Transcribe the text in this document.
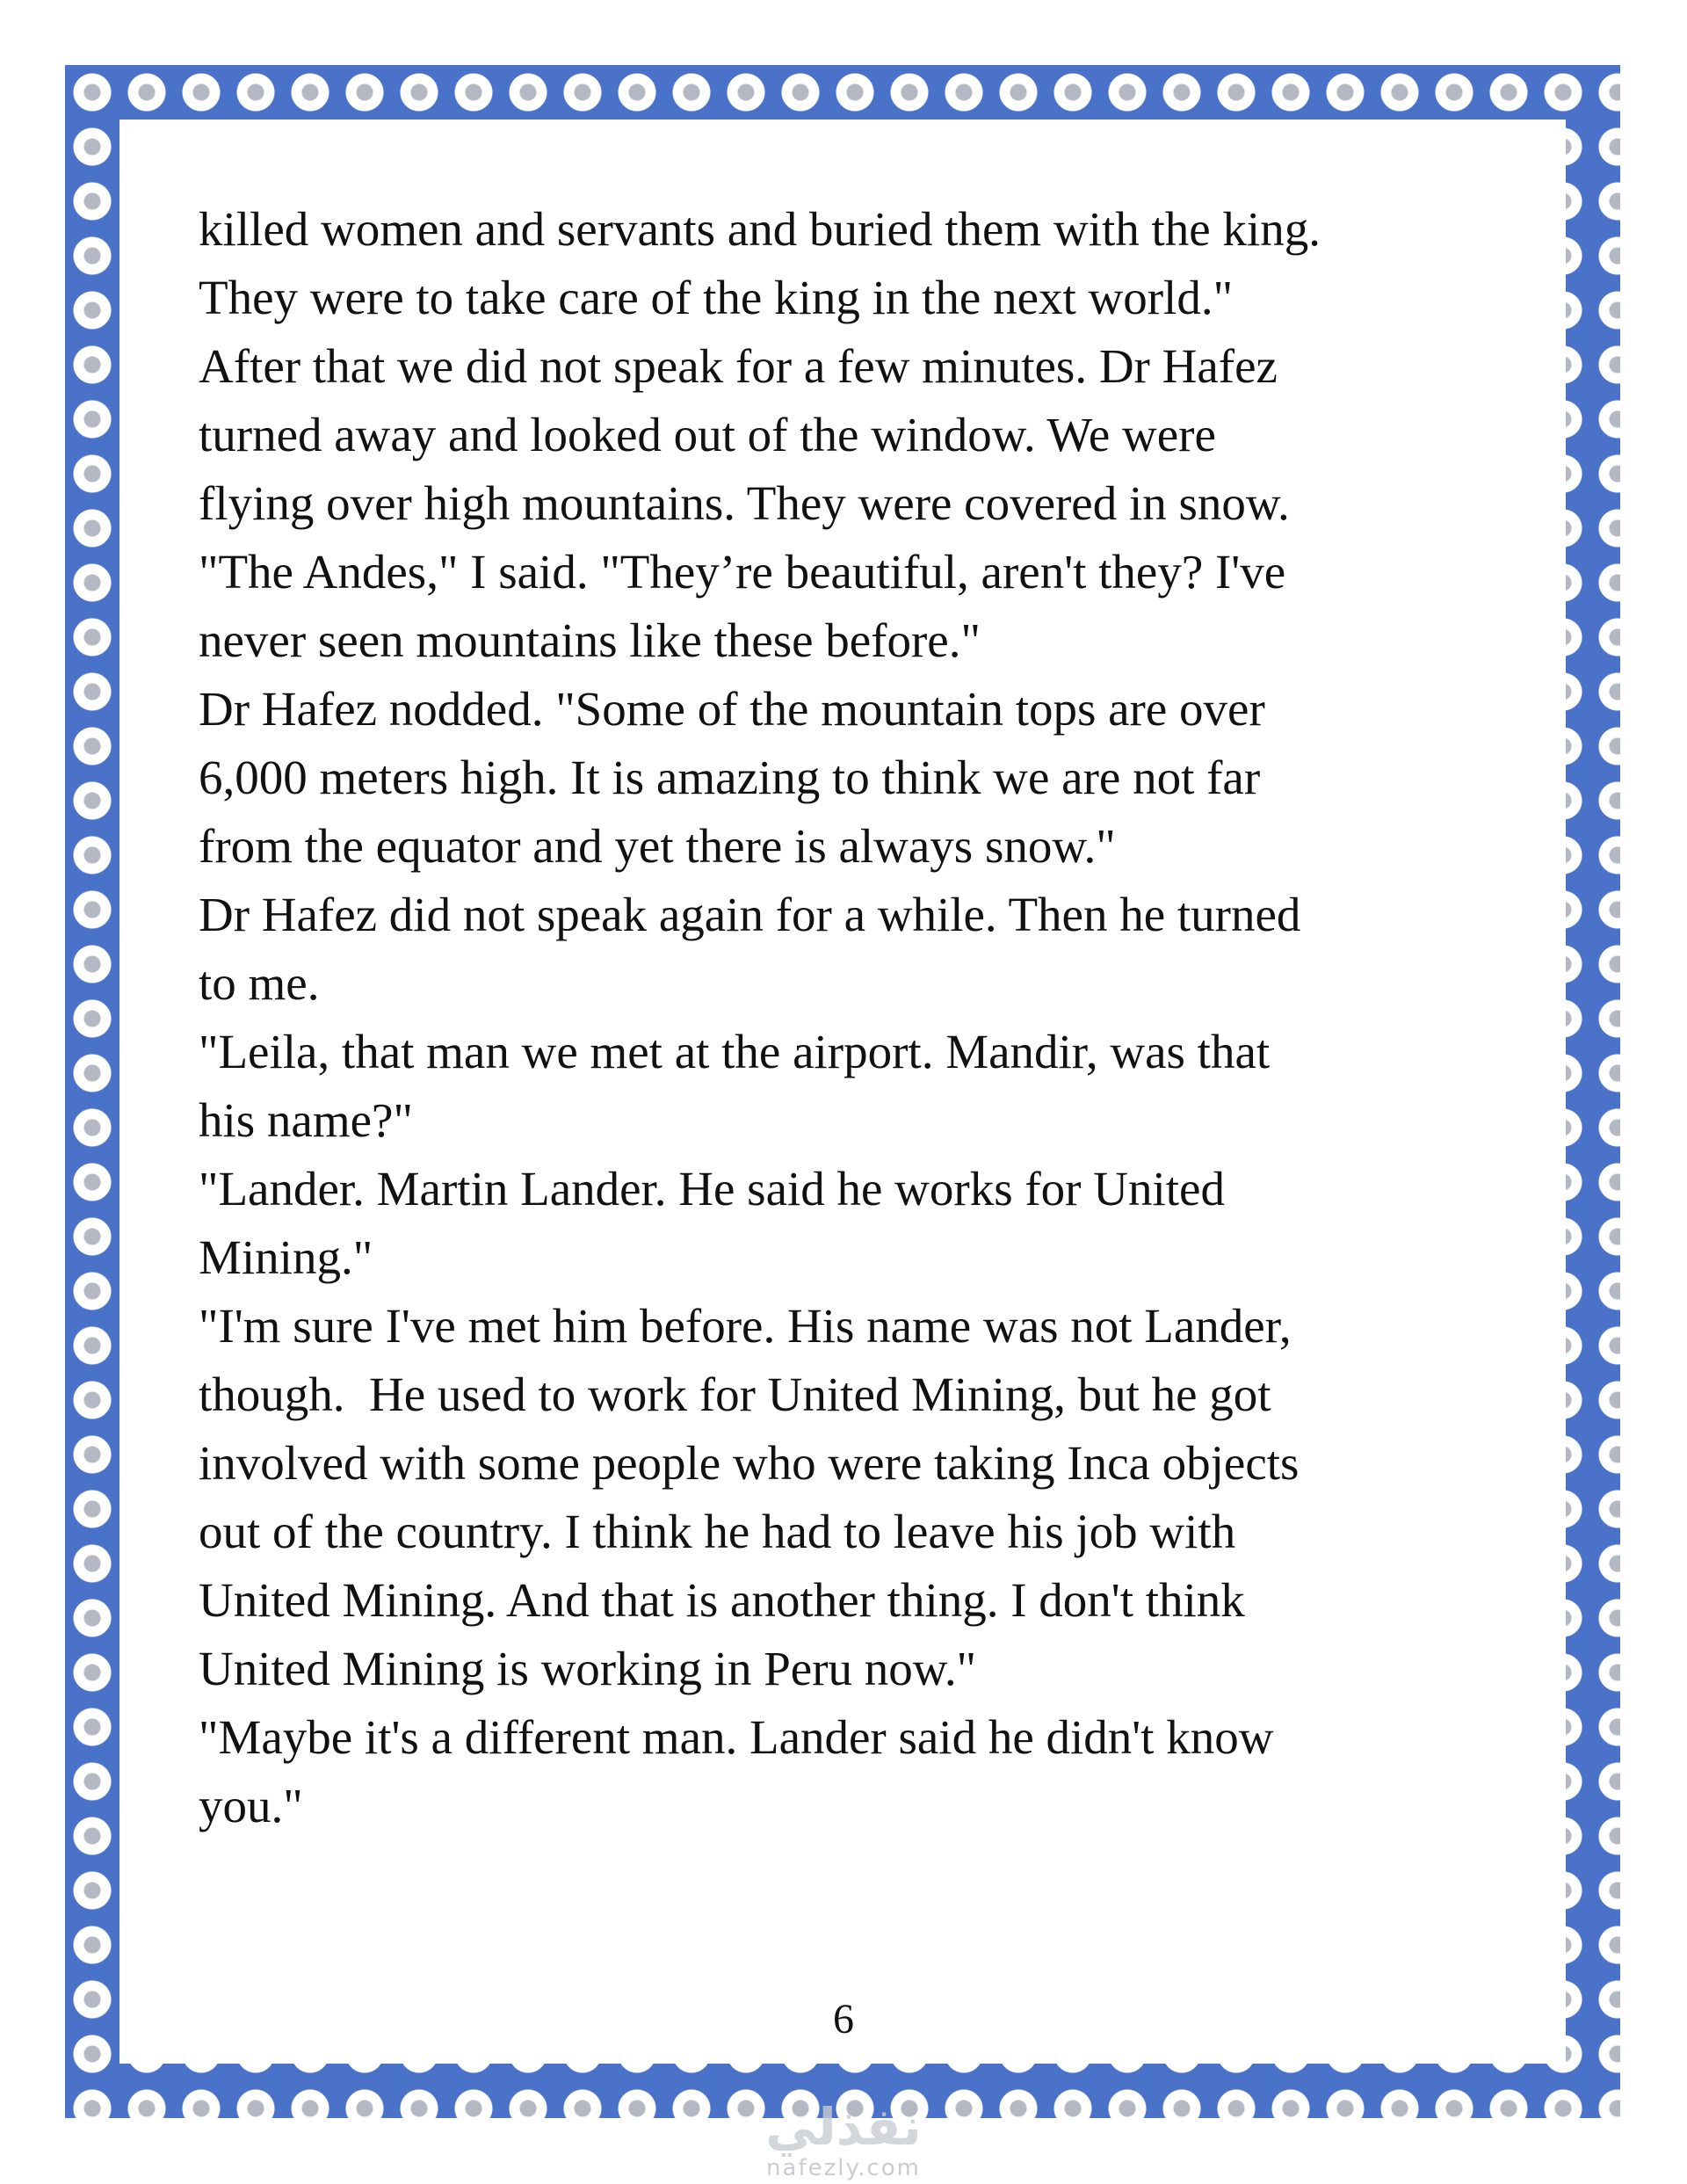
killed women and servants and buried them with the king.
They were to take care of the king in the next world."
After that we did not speak for a few minutes. Dr Hafez
turned away and looked out of the window. We were
flying over high mountains. They were covered in snow.
"The Andes," I said. "They’re beautiful, aren't they? I've
never seen mountains like these before."
Dr Hafez nodded. "Some of the mountain tops are over
6,000 meters high. It is amazing to think we are not far
from the equator and yet there is always snow."
Dr Hafez did not speak again for a while. Then he turned
to me.
"Leila, that man we met at the airport. Mandir, was that
his name?"
"Lander. Martin Lander. He said he works for United
Mining."
"I'm sure I've met him before. His name was not Lander,
though.  He used to work for United Mining, but he got
involved with some people who were taking Inca objects
out of the country. I think he had to leave his job with
United Mining. And that is another thing. I don't think
United Mining is working in Peru now."
"Maybe it's a different man. Lander said he didn't know
you."
6
نفذلي
nafezly.com
